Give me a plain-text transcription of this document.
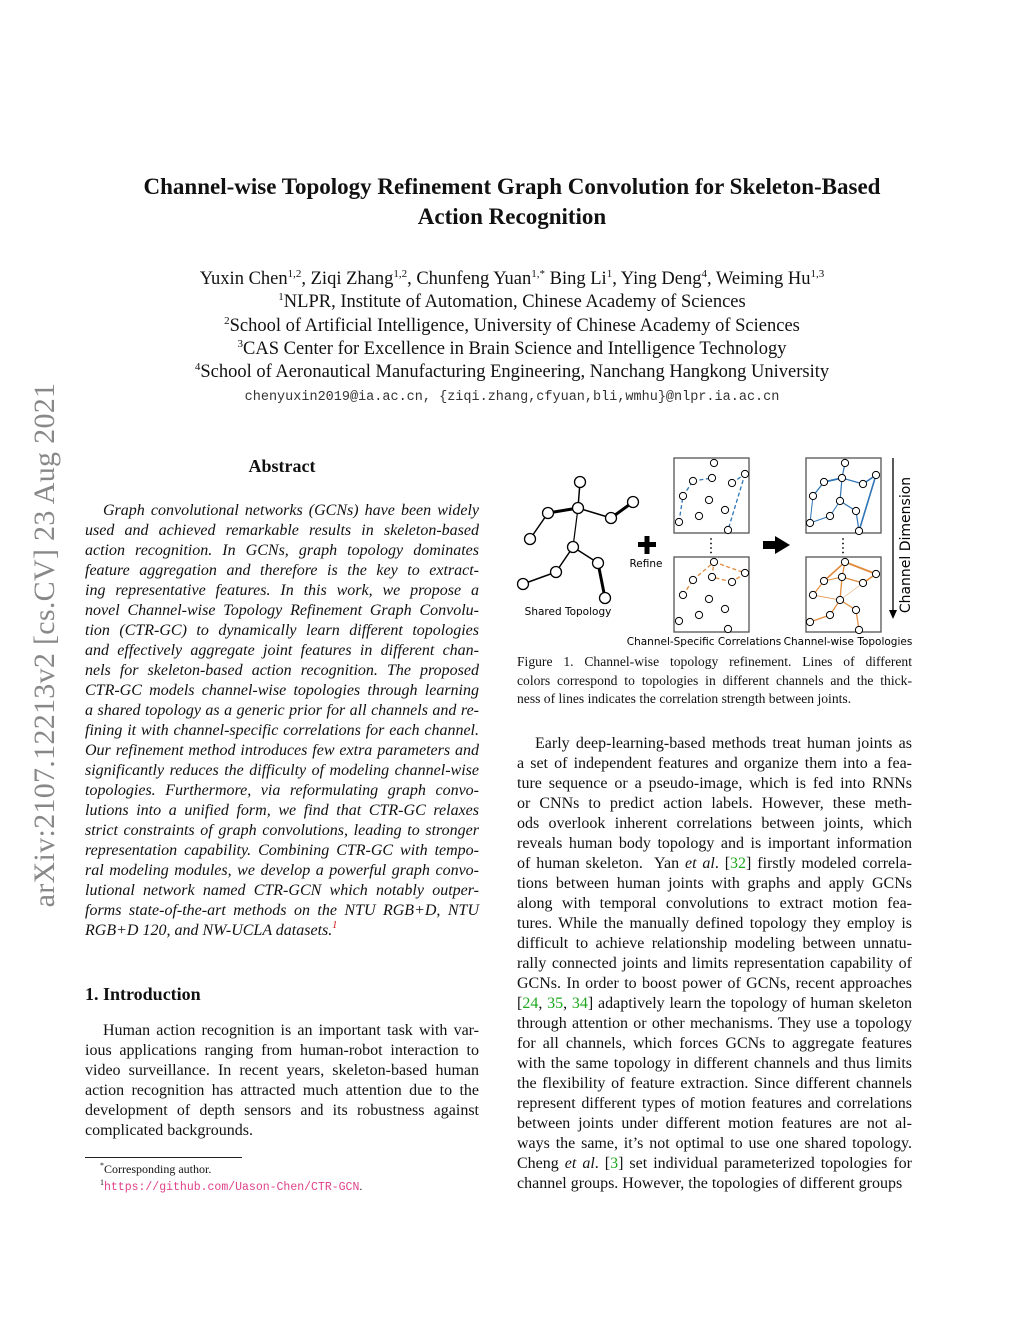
arXiv:2107.12213v2 [cs.CV] 23 Aug 2021
Channel-wise Topology Refinement Graph Convolution for Skeleton-Based
Action Recognition
Yuxin Chen$^{1,2}$, Ziqi Zhang$^{1,2}$, Chunfeng Yuan$^{1,*}$ Bing Li$^1$, Ying Deng$^4$, Weiming Hu$^{1,3}$
$^1$NLPR, Institute of Automation, Chinese Academy of Sciences
$^2$School of Artificial Intelligence, University of Chinese Academy of Sciences
$^3$CAS Center for Excellence in Brain Science and Intelligence Technology
$^4$School of Aeronautical Manufacturing Engineering, Nanchang Hangkong University
chenyuxin2019@ia.ac.cn, {ziqi.zhang,cfyuan,bli,wmhu}@nlpr.ia.ac.cn
Abstract
Graph convolutional networks (GCNs) have been widely
used and achieved remarkable results in skeleton-based
action recognition. In GCNs, graph topology dominates
feature aggregation and therefore is the key to extract-
ing representative features. In this work, we propose a
novel Channel-wise Topology Refinement Graph Convolu-
tion (CTR-GC) to dynamically learn different topologies
and effectively aggregate joint features in different chan-
nels for skeleton-based action recognition. The proposed
CTR-GC models channel-wise topologies through learning
a shared topology as a generic prior for all channels and re-
fining it with channel-specific correlations for each channel.
Our refinement method introduces few extra parameters and
significantly reduces the difficulty of modeling channel-wise
topologies. Furthermore, via reformulating graph convo-
lutions into a unified form, we find that CTR-GC relaxes
strict constraints of graph convolutions, leading to stronger
representation capability. Combining CTR-GC with tempo-
ral modeling modules, we develop a powerful graph convo-
lutional network named CTR-GCN which notably outper-
forms state-of-the-art methods on the NTU RGB+D, NTU
RGB+D 120, and NW-UCLA datasets.$^1$
1. Introduction
Human action recognition is an important task with var-
ious applications ranging from human-robot interaction to
video surveillance. In recent years, skeleton-based human
action recognition has attracted much attention due to the
development of depth sensors and its robustness against
complicated backgrounds.
*Corresponding author.
$^1$https://github.com/Uason-Chen/CTR-GCN.
Shared Topology
Refine
Channel-Specific Correlations Channel-wise Topologies
Channel Dimension
Figure 1. Channel-wise topology refinement. Lines of different
colors correspond to topologies in different channels and the thick-
ness of lines indicates the correlation strength between joints.
Early deep-learning-based methods treat human joints as
a set of independent features and organize them into a fea-
ture sequence or a pseudo-image, which is fed into RNNs
or CNNs to predict action labels. However, these meth-
ods overlook inherent correlations between joints, which
reveals human body topology and is important information
of human skeleton.  Yan et al. [32] firstly modeled correla-
tions between human joints with graphs and apply GCNs
along with temporal convolutions to extract motion fea-
tures. While the manually defined topology they employ is
difficult to achieve relationship modeling between unnatu-
rally connected joints and limits representation capability of
GCNs. In order to boost power of GCNs, recent approaches
[24, 35, 34] adaptively learn the topology of human skeleton
through attention or other mechanisms. They use a topology
for all channels, which forces GCNs to aggregate features
with the same topology in different channels and thus limits
the flexibility of feature extraction. Since different channels
represent different types of motion features and correlations
between joints under different motion features are not al-
ways the same, it’s not optimal to use one shared topology.
Cheng et al. [3] set individual parameterized topologies for
channel groups. However, the topologies of different groups
